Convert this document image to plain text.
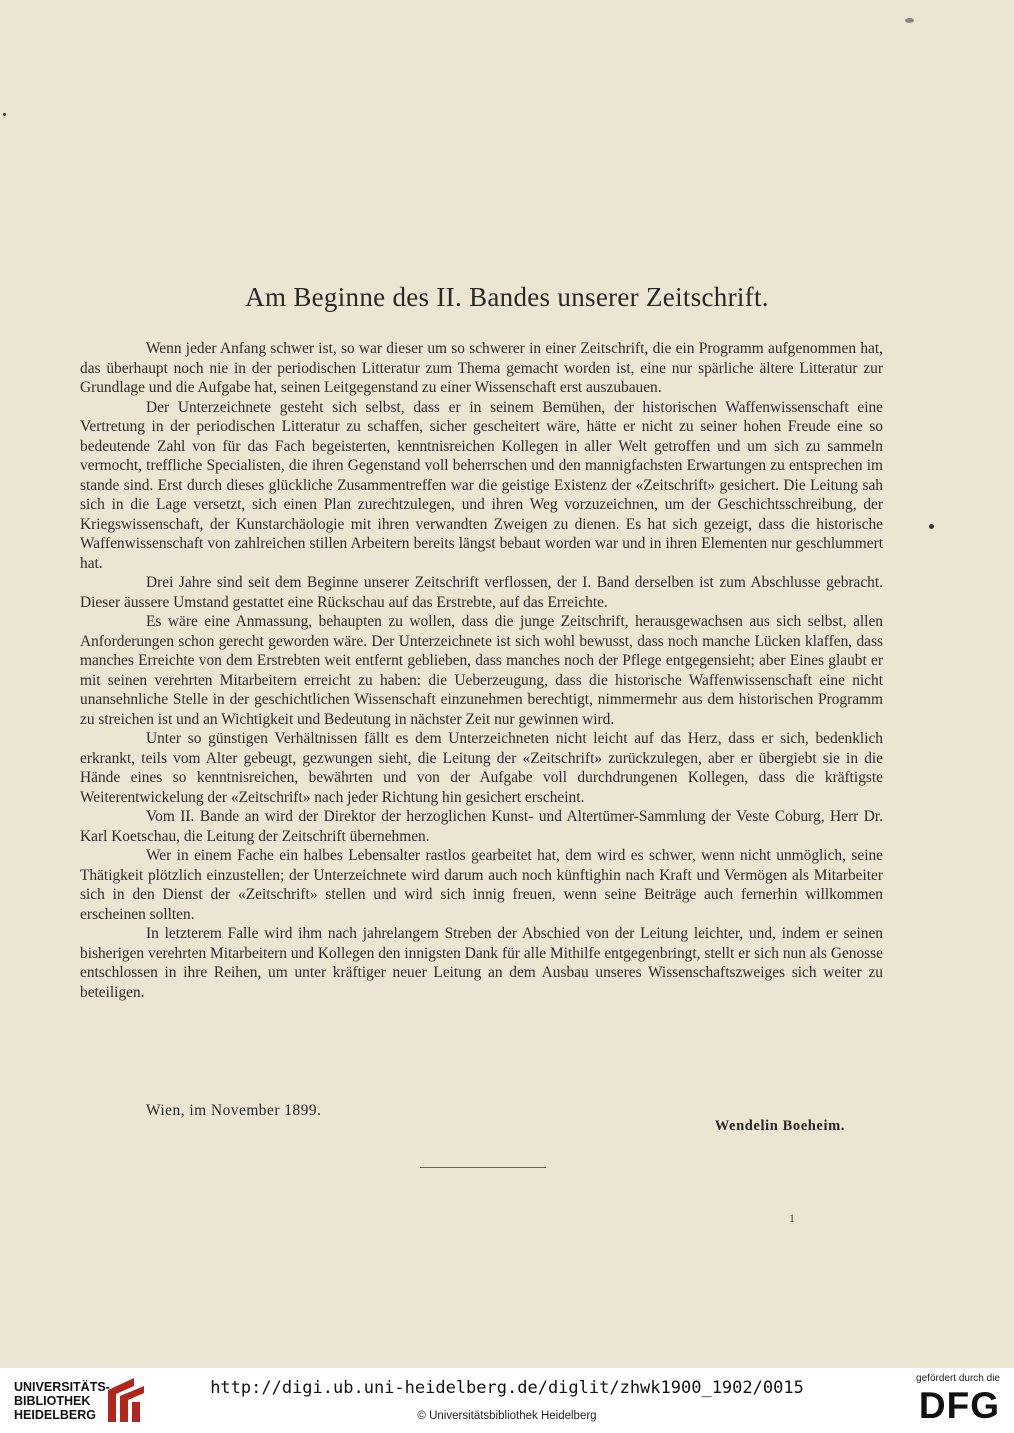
Am Beginne des II. Bandes unserer Zeitschrift.

Wenn jeder Anfang schwer ist, so war dieser um so schwerer in einer Zeitschrift, die ein Programm aufgenommen hat, das überhaupt noch nie in der periodischen Litteratur zum Thema gemacht worden ist, eine nur spärliche ältere Litteratur zur Grundlage und die Aufgabe hat, seinen Leitgegenstand zu einer Wissenschaft erst auszubauen.

Der Unterzeichnete gesteht sich selbst, dass er in seinem Bemühen, der historischen Waffenwissenschaft eine Vertretung in der periodischen Litteratur zu schaffen, sicher gescheitert wäre, hätte er nicht zu seiner hohen Freude eine so bedeutende Zahl von für das Fach begeisterten, kenntnisreichen Kollegen in aller Welt getroffen und um sich zu sammeln vermocht, treffliche Specialisten, die ihren Gegenstand voll beherrschen und den mannigfachsten Erwartungen zu entsprechen im stande sind. Erst durch dieses glückliche Zusammentreffen war die geistige Existenz der «Zeitschrift» gesichert. Die Leitung sah sich in die Lage versetzt, sich einen Plan zurechtzulegen, und ihren Weg vorzuzeichnen, um der Geschichtsschreibung, der Kriegswissenschaft, der Kunstarchäologie mit ihren verwandten Zweigen zu dienen. Es hat sich gezeigt, dass die historische Waffenwissenschaft von zahlreichen stillen Arbeitern bereits längst bebaut worden war und in ihren Elementen nur geschlummert hat.

Drei Jahre sind seit dem Beginne unserer Zeitschrift verflossen, der I. Band derselben ist zum Abschlusse gebracht. Dieser äussere Umstand gestattet eine Rückschau auf das Erstrebte, auf das Erreichte.

Es wäre eine Anmassung, behaupten zu wollen, dass die junge Zeitschrift, herausgewachsen aus sich selbst, allen Anforderungen schon gerecht geworden wäre. Der Unterzeichnete ist sich wohl bewusst, dass noch manche Lücken klaffen, dass manches Erreichte von dem Erstrebten weit entfernt geblieben, dass manches noch der Pflege entgegensieht; aber Eines glaubt er mit seinen verehrten Mitarbeitern erreicht zu haben: die Ueberzeugung, dass die historische Waffenwissenschaft eine nicht unansehnliche Stelle in der geschichtlichen Wissenschaft einzunehmen berechtigt, nimmermehr aus dem historischen Programm zu streichen ist und an Wichtigkeit und Bedeutung in nächster Zeit nur gewinnen wird.

Unter so günstigen Verhältnissen fällt es dem Unterzeichneten nicht leicht auf das Herz, dass er sich, bedenklich erkrankt, teils vom Alter gebeugt, gezwungen sieht, die Leitung der «Zeitschrift» zurückzulegen, aber er übergiebt sie in die Hände eines so kenntnisreichen, bewährten und von der Aufgabe voll durchdrungenen Kollegen, dass die kräftigste Weiterentwickelung der «Zeitschrift» nach jeder Richtung hin gesichert erscheint.

Vom II. Bande an wird der Direktor der herzoglichen Kunst- und Altertümer-Sammlung der Veste Coburg, Herr Dr. Karl Koetschau, die Leitung der Zeitschrift übernehmen.

Wer in einem Fache ein halbes Lebensalter rastlos gearbeitet hat, dem wird es schwer, wenn nicht unmöglich, seine Thätigkeit plötzlich einzustellen; der Unterzeichnete wird darum auch noch künftighin nach Kraft und Vermögen als Mitarbeiter sich in den Dienst der «Zeitschrift» stellen und wird sich innig freuen, wenn seine Beiträge auch fernerhin willkommen erscheinen sollten.

In letzterem Falle wird ihm nach jahrelangem Streben der Abschied von der Leitung leichter, und, indem er seinen bisherigen verehrten Mitarbeitern und Kollegen den innigsten Dank für alle Mithilfe entgegenbringt, stellt er sich nun als Genosse entschlossen in ihre Reihen, um unter kräftiger neuer Leitung an dem Ausbau unseres Wissenschaftszweiges sich weiter zu beteiligen.

Wien, im November 1899.
Wendelin Boeheim.
1
UNIVERSITÄTS-
BIBLIOTHEK
HEIDELBERG
http://digi.ub.uni-heidelberg.de/diglit/zhwk1900_1902/0015
© Universitätsbibliothek Heidelberg
gefördert durch die
DFG
